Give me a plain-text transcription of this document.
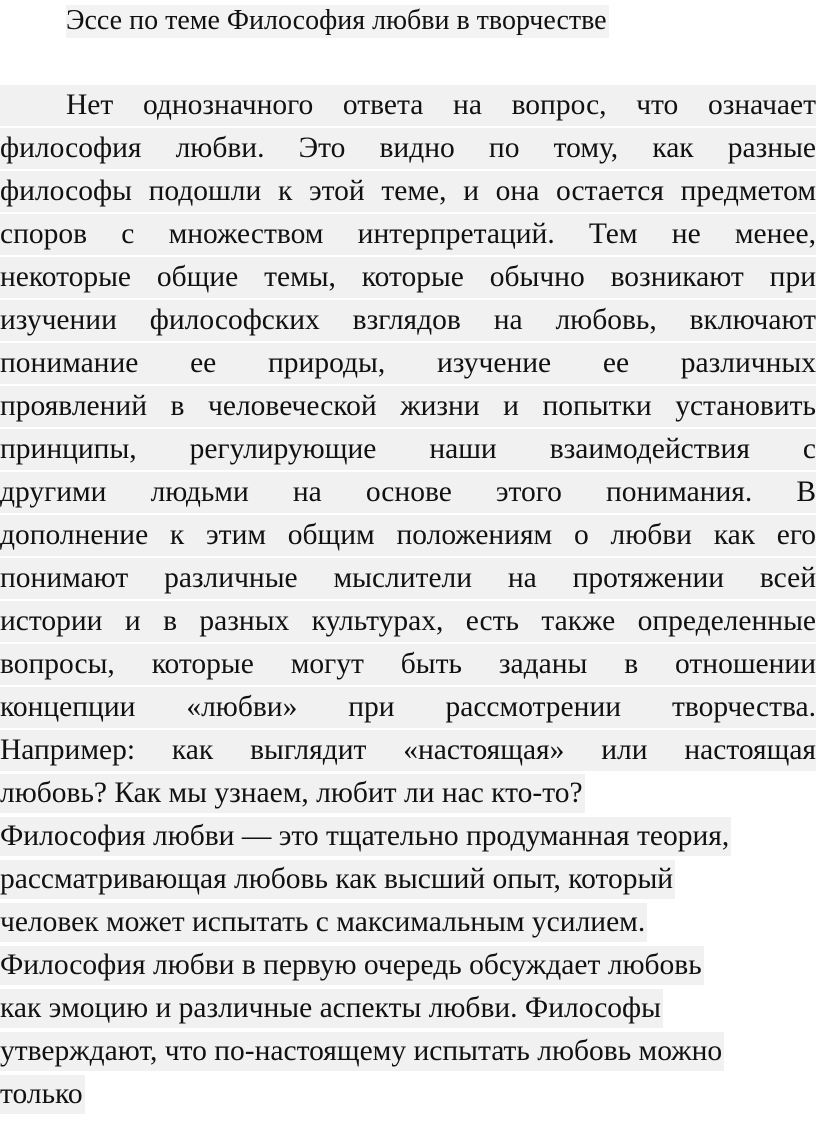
Эссе по теме Философия любви в творчестве
Нет однозначного ответа на вопрос, что означает
философия любви. Это видно по тому, как разные
философы подошли к этой теме, и она остается предметом
споров с множеством интерпретаций. Тем не менее,
некоторые общие темы, которые обычно возникают при
изучении философских взглядов на любовь, включают
понимание ее природы, изучение ее различных
проявлений в человеческой жизни и попытки установить
принципы, регулирующие наши взаимодействия с
другими людьми на основе этого понимания. В
дополнение к этим общим положениям о любви как его
понимают различные мыслители на протяжении всей
истории и в разных культурах, есть также определенные
вопросы, которые могут быть заданы в отношении
концепции «любви» при рассмотрении творчества.
Например: как выглядит «настоящая» или настоящая
любовь? Как мы узнаем, любит ли нас кто-то?
Философия любви — это тщательно продуманная теория,
рассматривающая любовь как высший опыт, который
человек может испытать с максимальным усилием.
Философия любви в первую очередь обсуждает любовь
как эмоцию и различные аспекты любви. Философы
утверждают, что по-настоящему испытать любовь можно
только
